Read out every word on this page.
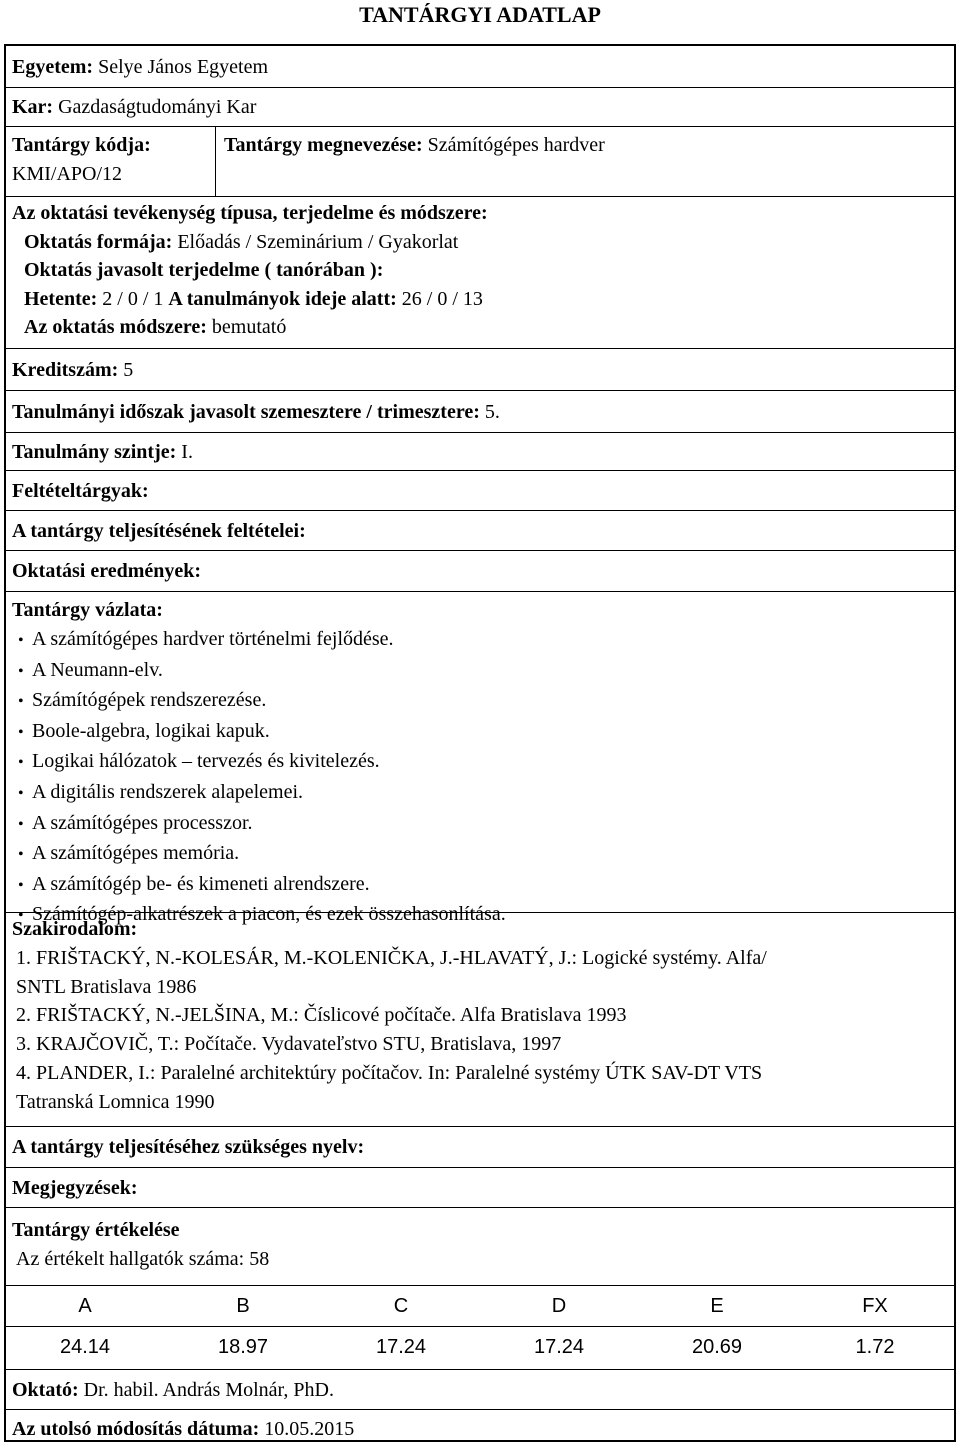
TANTÁRGYI ADATLAP
Egyetem: Selye János Egyetem
Kar: Gazdaságtudományi Kar
Tantárgy kódja:
KMI/APO/12
Tantárgy megnevezése: Számítógépes hardver
Az oktatási tevékenység típusa, terjedelme és módszere:
Oktatás formája: Előadás / Szeminárium / Gyakorlat
Oktatás javasolt terjedelme ( tanórában ):
Hetente: 2 / 0 / 1 A tanulmányok ideje alatt: 26 / 0 / 13
Az oktatás módszere: bemutató
Kreditszám: 5
Tanulmányi időszak javasolt szemesztere / trimesztere: 5.
Tanulmány szintje: I.
Feltételtárgyak:
A tantárgy teljesítésének feltételei:
Oktatási eredmények:
Tantárgy vázlata:
• A számítógépes hardver történelmi fejlődése.
• A Neumann-elv.
• Számítógépek rendszerezése.
• Boole-algebra, logikai kapuk.
• Logikai hálózatok – tervezés és kivitelezés.
• A digitális rendszerek alapelemei.
• A számítógépes processzor.
• A számítógépes memória.
• A számítógép be- és kimeneti alrendszere.
• Számítógép-alkatrészek a piacon, és ezek összehasonlítása.
Szakirodalom:
1. FRIŠTACKÝ, N.-KOLESÁR, M.-KOLENIČKA, J.-HLAVATÝ, J.: Logické systémy. Alfa/
SNTL Bratislava 1986
2. FRIŠTACKÝ, N.-JELŠINA, M.: Číslicové počítače. Alfa Bratislava 1993
3. KRAJČOVIČ, T.: Počítače. Vydavateľstvo STU, Bratislava, 1997
4. PLANDER, I.: Paralelné architektúry počítačov. In: Paralelné systémy ÚTK SAV-DT VTS
Tatranská Lomnica 1990
A tantárgy teljesítéséhez szükséges nyelv:
Megjegyzések:
Tantárgy értékelése
Az értékelt hallgatók száma: 58
A	B	C	D	E	FX
24.14	18.97	17.24	17.24	20.69	1.72
Oktató: Dr. habil. András Molnár, PhD.
Az utolsó módosítás dátuma: 10.05.2015
